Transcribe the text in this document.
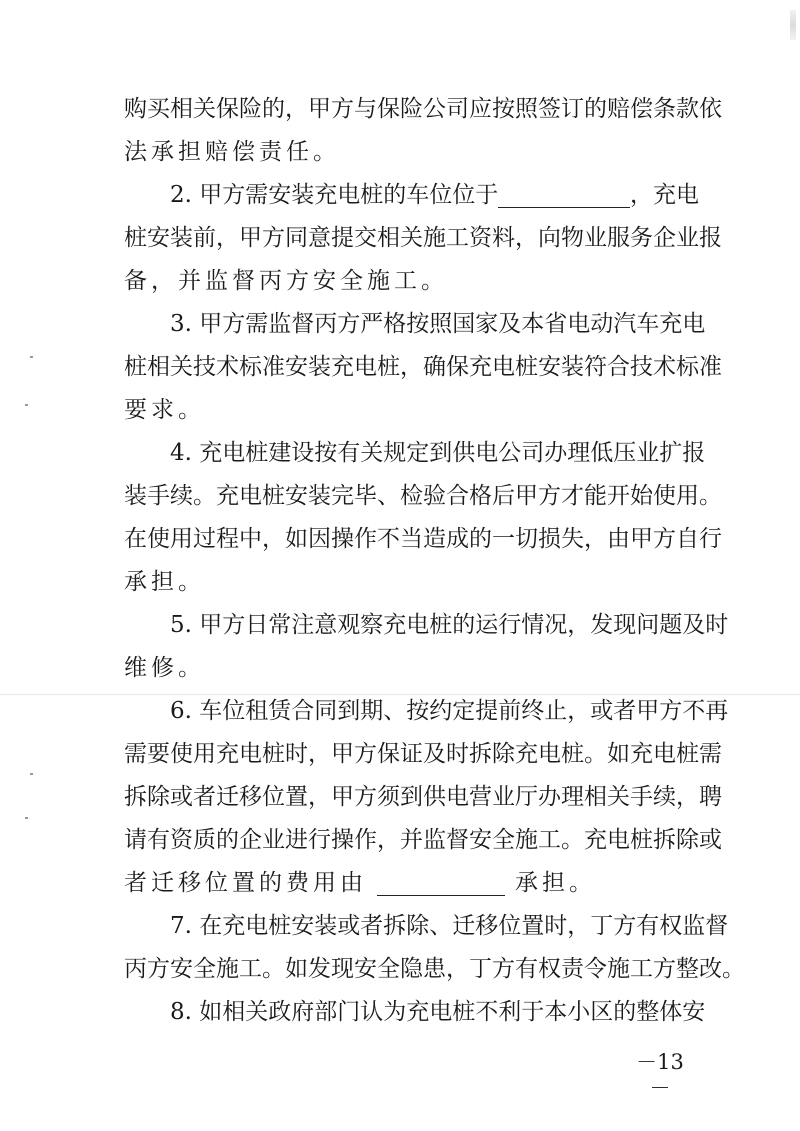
购买相关保险的，甲方与保险公司应按照签订的赔偿条款依
法承担赔偿责任。
2. 甲方需安装充电桩的车位位于	，充电
桩安装前，甲方同意提交相关施工资料，向物业服务企业报
备，并监督丙方安全施工。
3. 甲方需监督丙方严格按照国家及本省电动汽车充电
桩相关技术标准安装充电桩，确保充电桩安装符合技术标准
要求。
4. 充电桩建设按有关规定到供电公司办理低压业扩报
装手续。充电桩安装完毕、检验合格后甲方才能开始使用。
在使用过程中，如因操作不当造成的一切损失，由甲方自行
承担。
5. 甲方日常注意观察充电桩的运行情况，发现问题及时
维修。
6. 车位租赁合同到期、按约定提前终止，或者甲方不再
需要使用充电桩时，甲方保证及时拆除充电桩。如充电桩需
拆除或者迁移位置，甲方须到供电营业厅办理相关手续，聘
请有资质的企业进行操作，并监督安全施工。充电桩拆除或
者迁移位置的费用由	承担。
7. 在充电桩安装或者拆除、迁移位置时，丁方有权监督
丙方安全施工。如发现安全隐患，丁方有权责令施工方整改。
8. 如相关政府部门认为充电桩不利于本小区的整体安
－13－
